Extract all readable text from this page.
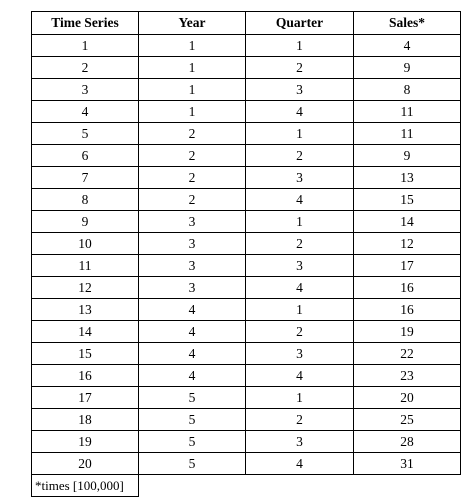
Time Series	Year	Quarter	Sales*
1	1	1	4
2	1	2	9
3	1	3	8
4	1	4	11
5	2	1	11
6	2	2	9
7	2	3	13
8	2	4	15
9	3	1	14
10	3	2	12
11	3	3	17
12	3	4	16
13	4	1	16
14	4	2	19
15	4	3	22
16	4	4	23
17	5	1	20
18	5	2	25
19	5	3	28
20	5	4	31
*times [100,000]			
